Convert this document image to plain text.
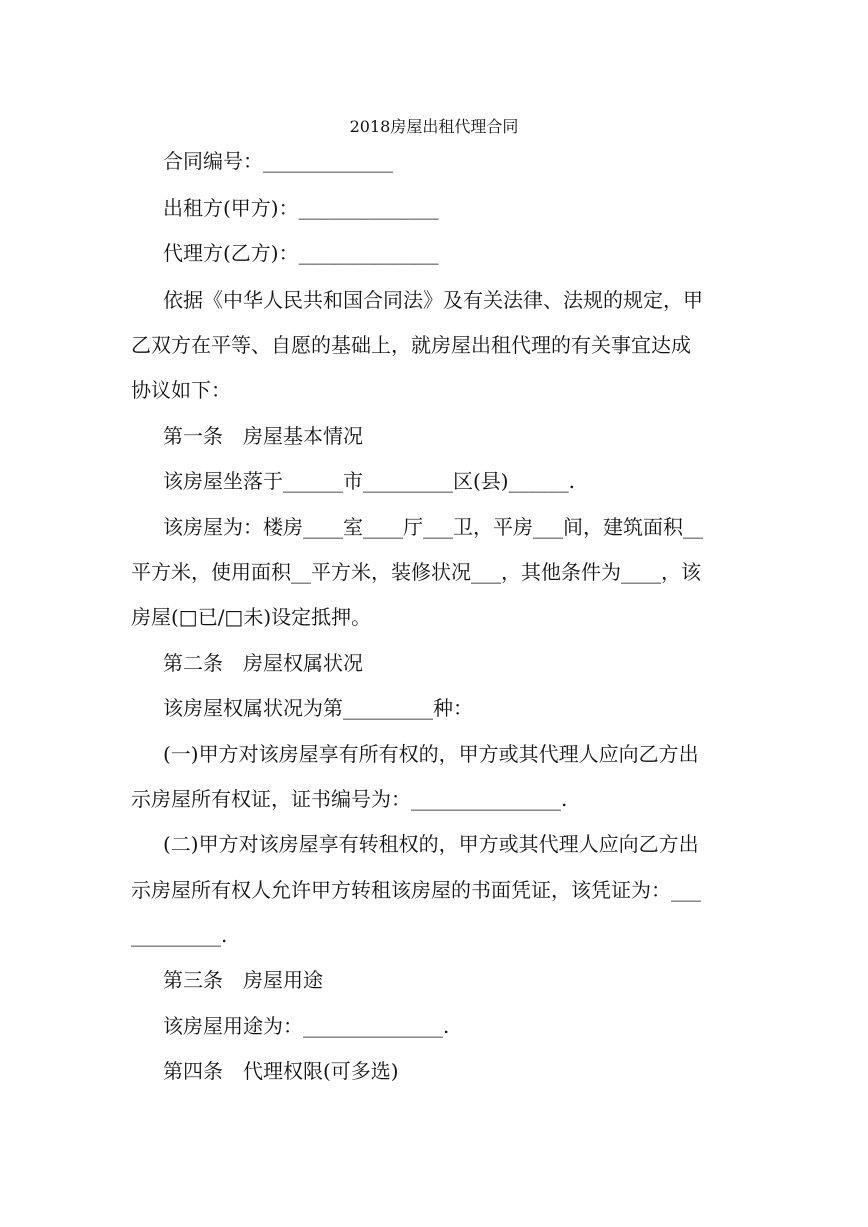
2018房屋出租代理合同
合同编号：_____________
出租方(甲方)：______________
代理方(乙方)：______________
依据《中华人民共和国合同法》及有关法律、法规的规定，甲
乙双方在平等、自愿的基础上，就房屋出租代理的有关事宜达成
协议如下：
第一条　房屋基本情况
该房屋坐落于______市_________区(县)______.
该房屋为：楼房____室____厅___卫，平房___间，建筑面积__
平方米，使用面积__平方米，装修状况___，其他条件为____，该
房屋(□已/□未)设定抵押。
第二条　房屋权属状况
该房屋权属状况为第_________种：
(一)甲方对该房屋享有所有权的，甲方或其代理人应向乙方出
示房屋所有权证，证书编号为：_______________.
(二)甲方对该房屋享有转租权的，甲方或其代理人应向乙方出
示房屋所有权人允许甲方转租该房屋的书面凭证，该凭证为：___
_________.
第三条　房屋用途
该房屋用途为：______________.
第四条　代理权限(可多选)
